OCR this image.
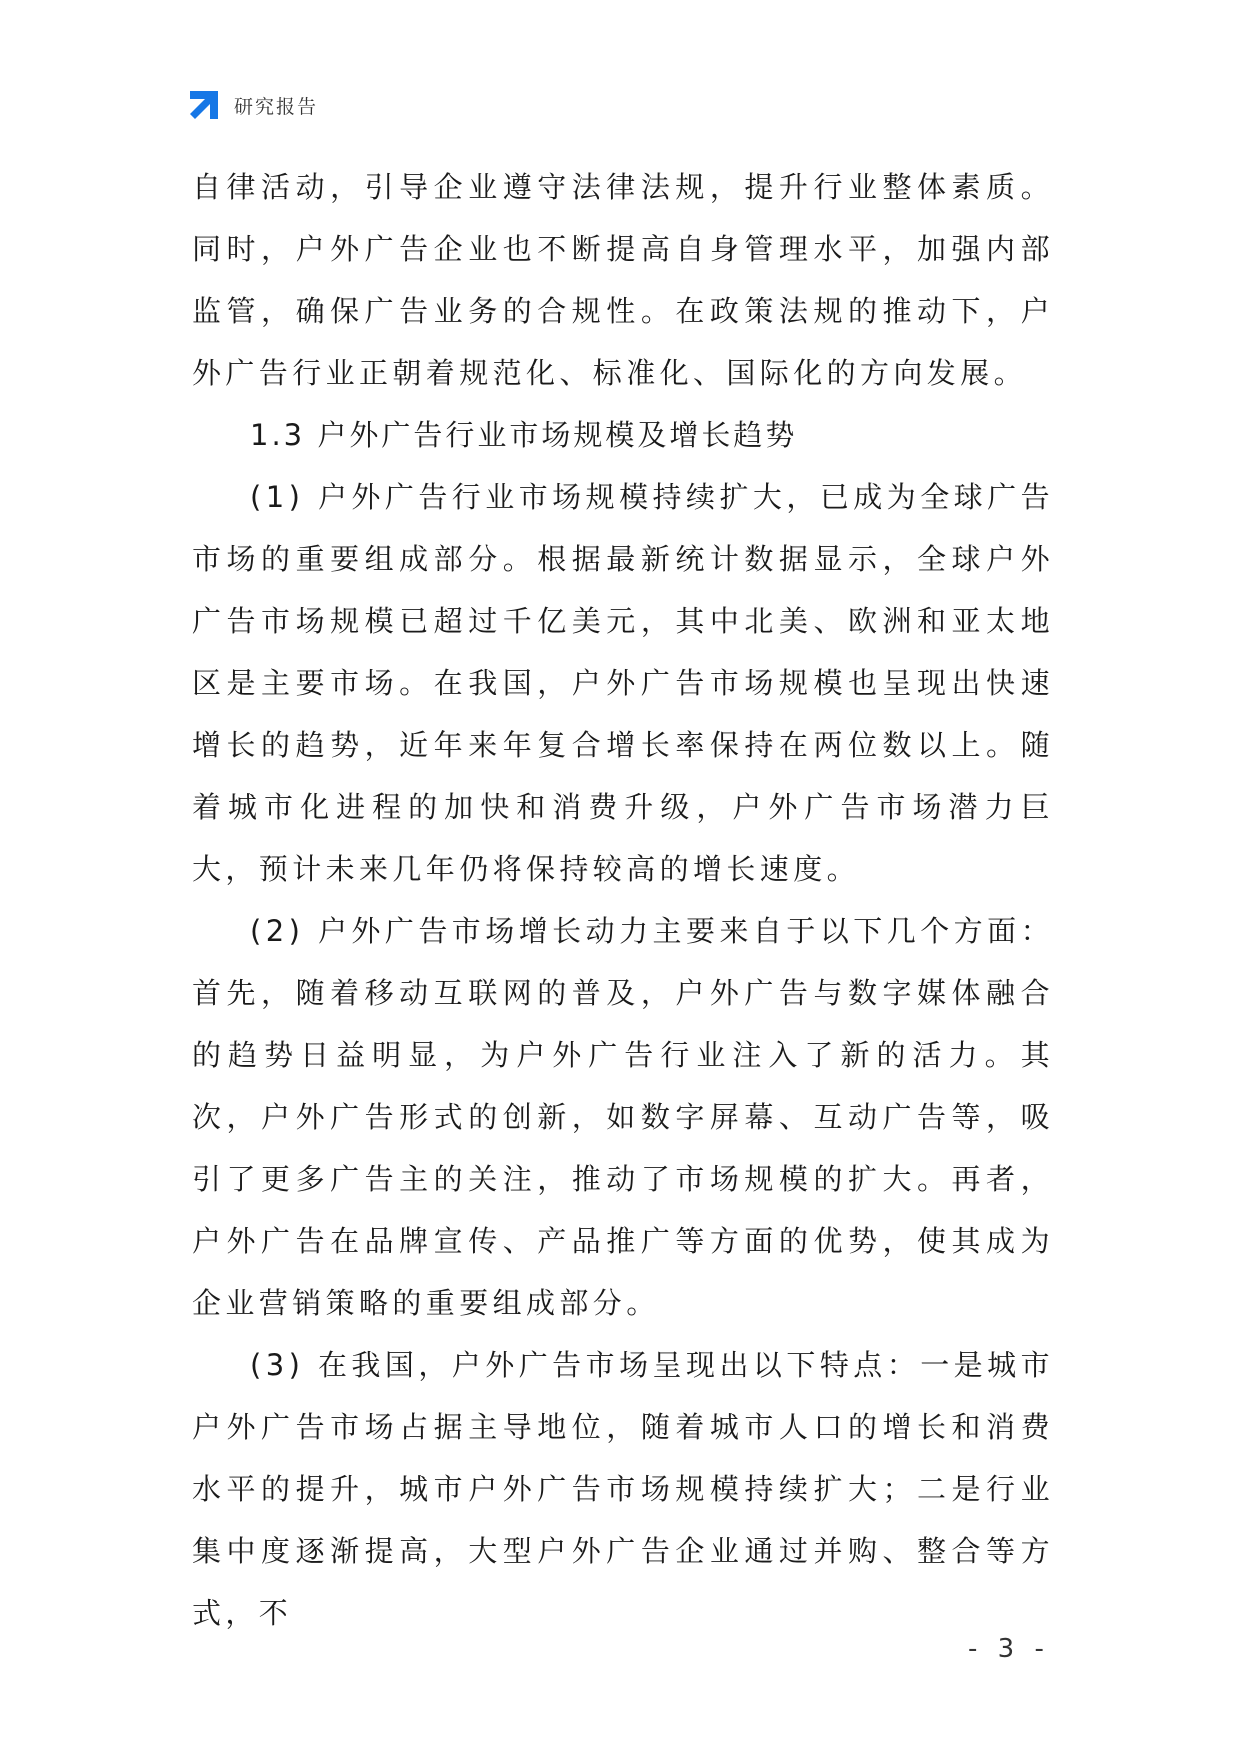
研究报告

自律活动，引导企业遵守法律法规，提升行业整体素质。同时，户外广告企业也不断提高自身管理水平，加强内部监管，确保广告业务的合规性。在政策法规的推动下，户外广告行业正朝着规范化、标准化、国际化的方向发展。

1.3 户外广告行业市场规模及增长趋势

(1) 户外广告行业市场规模持续扩大，已成为全球广告市场的重要组成部分。根据最新统计数据显示，全球户外广告市场规模已超过千亿美元，其中北美、欧洲和亚太地区是主要市场。在我国，户外广告市场规模也呈现出快速增长的趋势，近年来年复合增长率保持在两位数以上。随着城市化进程的加快和消费升级，户外广告市场潜力巨大，预计未来几年仍将保持较高的增长速度。

(2) 户外广告市场增长动力主要来自于以下几个方面：首先，随着移动互联网的普及，户外广告与数字媒体融合的趋势日益明显，为户外广告行业注入了新的活力。其次，户外广告形式的创新，如数字屏幕、互动广告等，吸引了更多广告主的关注，推动了市场规模的扩大。再者，户外广告在品牌宣传、产品推广等方面的优势，使其成为企业营销策略的重要组成部分。

(3) 在我国，户外广告市场呈现出以下特点：一是城市户外广告市场占据主导地位，随着城市人口的增长和消费水平的提升，城市户外广告市场规模持续扩大；二是行业集中度逐渐提高，大型户外广告企业通过并购、整合等方式，不

- 3 -
